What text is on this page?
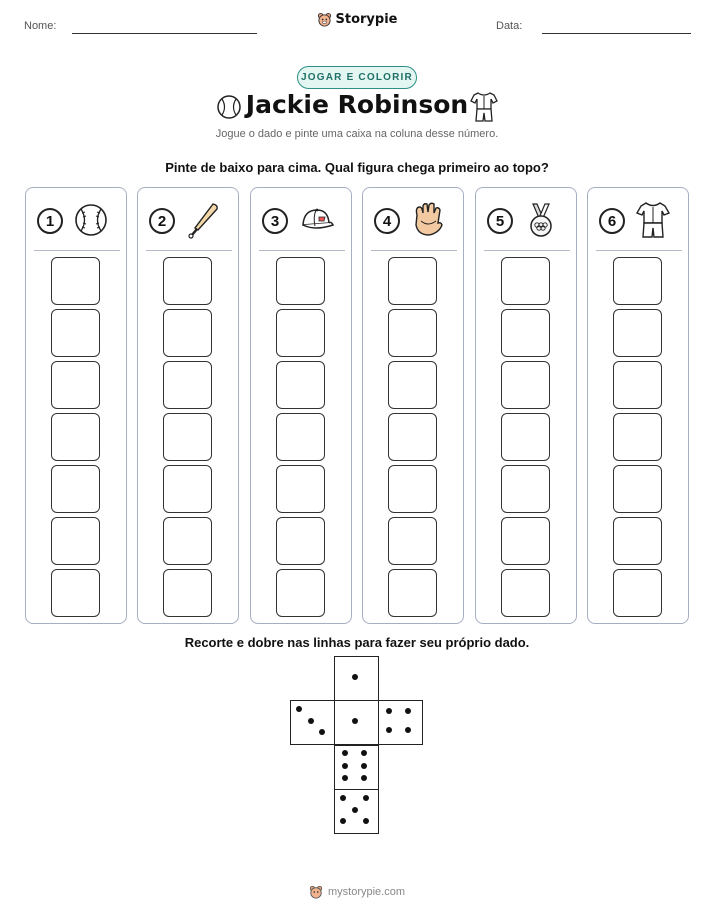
Nome:	Storypie	Data:
JOGAR E COLORIR
Jackie Robinson
Jogue o dado e pinte uma caixa na coluna desse número.
Pinte de baixo para cima. Qual figura chega primeiro ao topo?
1	2	3	4	5	6
Recorte e dobre nas linhas para fazer seu próprio dado.
mystorypie.com
